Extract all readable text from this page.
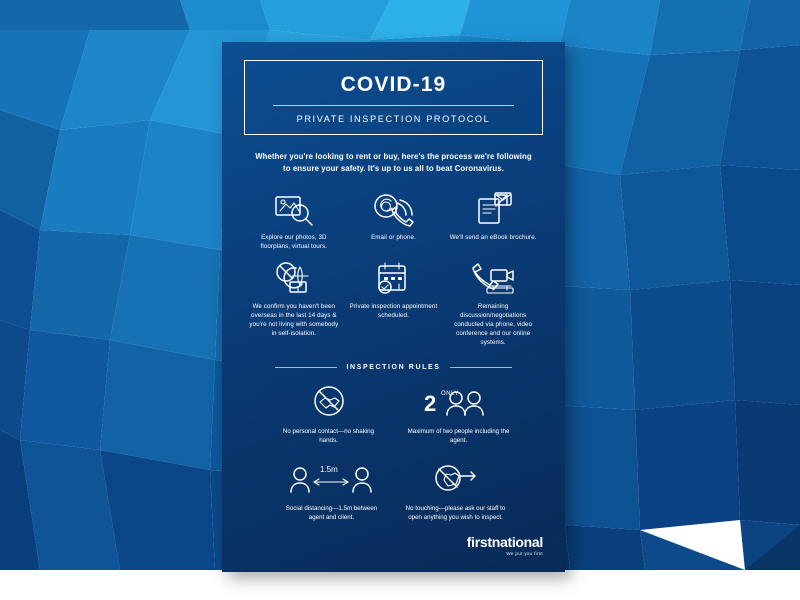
COVID-19
PRIVATE INSPECTION PROTOCOL
Whether you're looking to rent or buy, here's the process we're following to ensure your safety. It's up to us all to beat Coronavirus.
Explore our photos, 3D floorplans, virtual tours.
Email or phone.	We'll send an eBook brochure.
We confirm you haven't been overseas in the last 14 days & you're not living with somebody in self-isolation.
Private inspection appointment scheduled.
Remaining discussion/negotiations conducted via phone, video conference and our online systems.
INSPECTION RULES
No personal contact—no shaking hands.
2 ONLY
Maximum of two people including the agent.
1.5m
Social distancing—1.5m between agent and client.
No touching—please ask our staff to open anything you wish to inspect.
firstnational
We put you first
